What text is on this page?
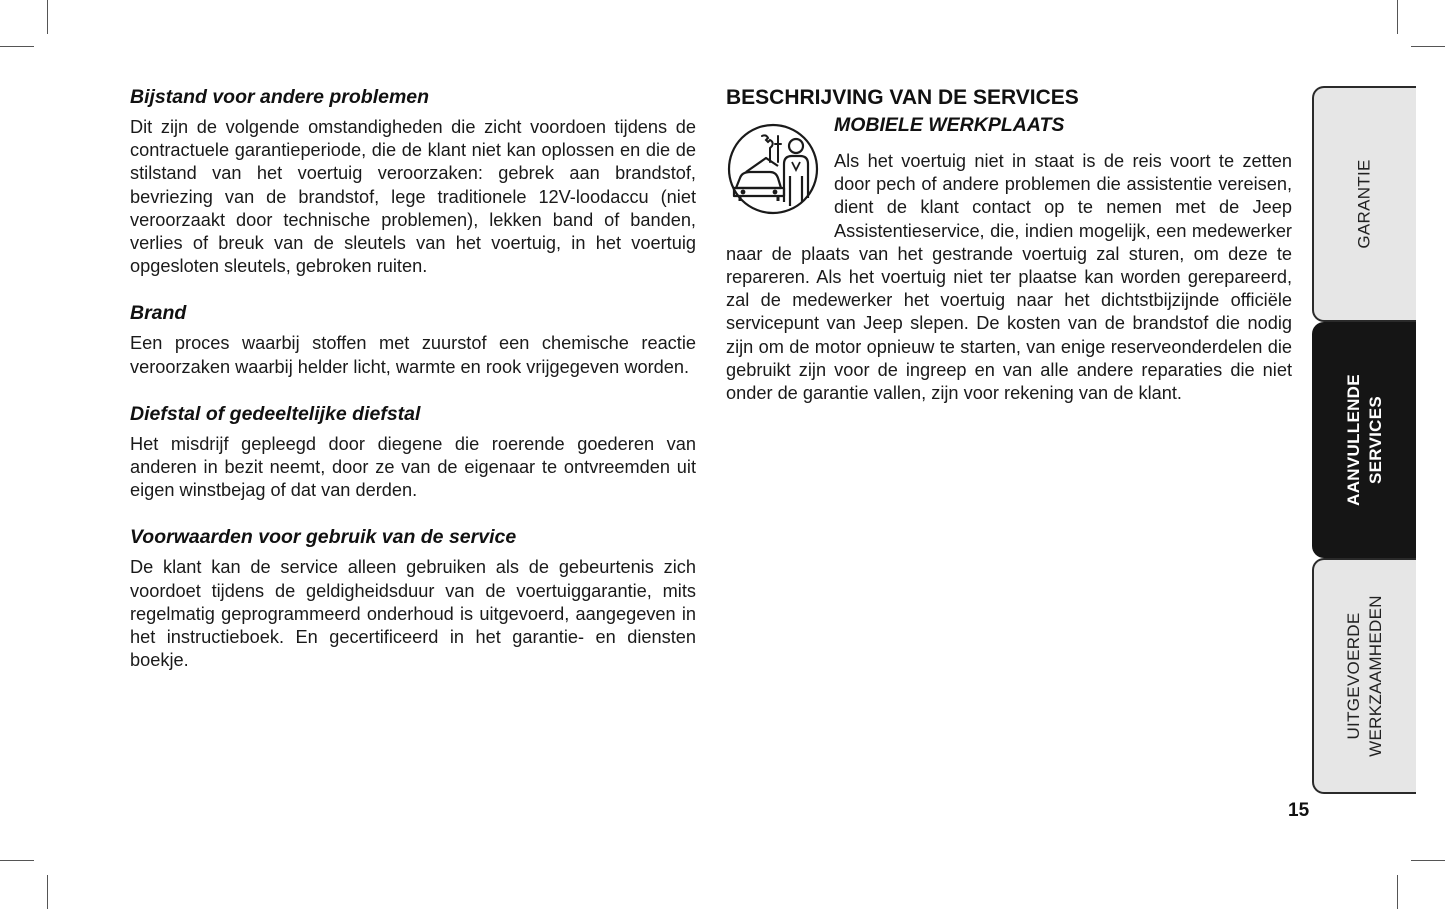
Bijstand voor andere problemen

Dit zijn de volgende omstandigheden die zicht voordoen tijdens de contractuele garantieperiode, die de klant niet kan oplossen en die de stilstand van het voertuig veroorzaken: gebrek aan brandstof, bevriezing van de brandstof, lege traditionele 12V-loodaccu (niet veroorzaakt door technische problemen), lekken band of banden, verlies of breuk van de sleutels van het voertuig, in het voertuig opgesloten sleutels, gebroken ruiten.

Brand

Een proces waarbij stoffen met zuurstof een chemische reactie veroorzaken waarbij helder licht, warmte en rook vrijgegeven worden.

Diefstal of gedeeltelijke diefstal

Het misdrijf gepleegd door diegene die roerende goederen van anderen in bezit neemt, door ze van de eigenaar te ontvreemden uit eigen winstbejag of dat van derden.

Voorwaarden voor gebruik van de service

De klant kan de service alleen gebruiken als de gebeurtenis zich voordoet tijdens de geldigheidsduur van de voertuiggarantie, mits regelmatig geprogrammeerd onderhoud is uitgevoerd, aangegeven in het instructieboek. En gecertificeerd in het garantie- en diensten boekje.

BESCHRIJVING VAN DE SERVICES
MOBIELE WERKPLAATS

Als het voertuig niet in staat is de reis voort te zetten door pech of andere problemen die assistentie vereisen, dient de klant contact op te nemen met de Jeep Assistentieservice, die, indien mogelijk, een medewerker naar de plaats van het gestrande voertuig zal sturen, om deze te repareren. Als het voertuig niet ter plaatse kan worden gerepareerd, zal de medewerker het voertuig naar het dichtstbijzijnde officiële servicepunt van Jeep slepen. De kosten van de brandstof die nodig zijn om de motor opnieuw te starten, van enige reserveonderdelen die gebruikt zijn voor de ingreep en van alle andere reparaties die niet onder de garantie vallen, zijn voor rekening van de klant.

GARANTIE
AANVULLENDE SERVICES
UITGEVOERDE WERKZAAMHEDEN
15
